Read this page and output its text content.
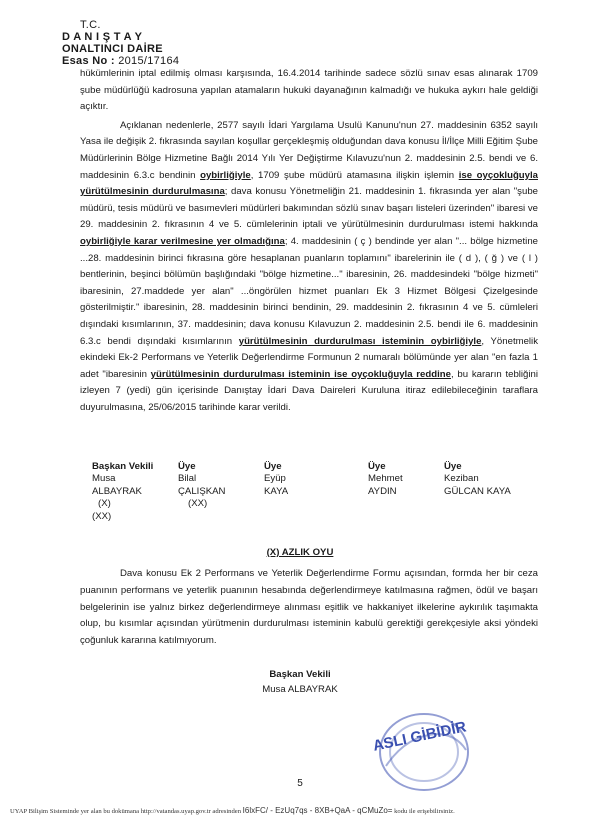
T.C.
D A N I Ş T A Y
ONALTINCI DAİRE
Esas No : 2015/17164

hükümlerinin iptal edilmiş olması karşısında, 16.4.2014 tarihinde sadece sözlü sınav esas alınarak 1709 şube müdürlüğü kadrosuna yapılan atamaların hukuki dayanağının kalmadığı ve hukuka aykırı hale geldiği açıktır.

Açıklanan nedenlerle, 2577 sayılı İdari Yargılama Usulü Kanunu'nun 27. maddesinin 6352 sayılı Yasa ile değişik 2. fıkrasında sayılan koşullar gerçekleşmiş olduğundan dava konusu İl/İlçe Milli Eğitim Şube Müdürlerinin Bölge Hizmetine Bağlı 2014 Yılı Yer Değiştirme Kılavuzu'nun 2. maddesinin 2.5. bendi ve 6. maddesinin 6.3.c bendinin oybirliğiyle, 1709 şube müdürü atamasına ilişkin işlemin ise oyçokluğuyla yürütülmesinin durdurulmasına; dava konusu Yönetmeliğin 21. maddesinin 1. fıkrasında yer alan "şube müdürü, tesis müdürü ve basımevleri müdürleri bakımından sözlü sınav başarı listeleri üzerinden" ibaresi ve 29. maddesinin 2. fıkrasının 4 ve 5. cümlelerinin iptali ve yürütülmesinin durdurulması istemi hakkında oybirliğiyle karar verilmesine yer olmadığına; 4. maddesinin ( ç ) bendinde yer alan "... bölge hizmetine ...28. maddesinin birinci fıkrasına göre hesaplanan puanların toplamını" ibarelerinin ile ( d ), ( ğ ) ve ( l ) bentlerinin, beşinci bölümün başlığındaki "bölge hizmetine..." ibaresinin, 26. maddesindeki "bölge hizmeti" ibaresinin, 27.maddede yer alan" ...öngörülen hizmet puanları Ek 3 Hizmet Bölgesi Çizelgesinde gösterilmiştir." ibaresinin, 28. maddesinin birinci bendinin, 29. maddesinin 2. fıkrasının 4 ve 5. cümleleri dışındaki kısımlarının, 37. maddesinin; dava konusu Kılavuzun 2. maddesinin 2.5. bendi ile 6. maddesinin 6.3.c bendi dışındaki kısımlarının yürütülmesinin durdurulması isteminin oybirliğiyle, Yönetmelik ekindeki Ek-2 Performans ve Yeterlik Değerlendirme Formunun 2 numaralı bölümünde yer alan "en fazla 1 adet "ibaresinin yürütülmesinin durdurulması isteminin ise oyçokluğuyla reddine, bu kararın tebliğini izleyen 7 (yedi) gün içerisinde Danıştay İdari Dava Daireleri Kuruluna itiraz edilebileceğinin taraflara duyurulmasına, 25/06/2015 tarihinde karar verildi.

Başkan Vekili
Musa
ALBAYRAK
(X)
(XX)
Üye
Bilal
ÇALIŞKAN
(XX)
Üye
Eyüp
KAYA
Üye
Mehmet
AYDIN
Üye
Keziban
GÜLCAN KAYA
(X) AZLIK OYU
Dava konusu Ek 2 Performans ve Yeterlik Değerlendirme Formu açısından, formda her bir ceza puanının performans ve yeterlik puanının hesabında değerlendirmeye katılmasına rağmen, ödül ve başarı belgelerinin ise yalnız birkez değerlendirmeye alınması eşitlik ve hakkaniyet ilkelerine aykırılık taşımakta olup, bu kısımlar açısından yürütmenin durdurulması isteminin kabulü gerektiği gerekçesiyle aksi yöndeki çoğunluk kararına katılmıyorum.
Başkan Vekili
Musa ALBAYRAK
ASLI GİBİDİR
5
UYAP Bilişim Sisteminde yer alan bu dokümana http://vatandas.uyap.gov.tr adresinden I6lxFC/ - EzUq7qs - 8XB+QaA - qCMuZo= kodu ile erişebilirsiniz.
